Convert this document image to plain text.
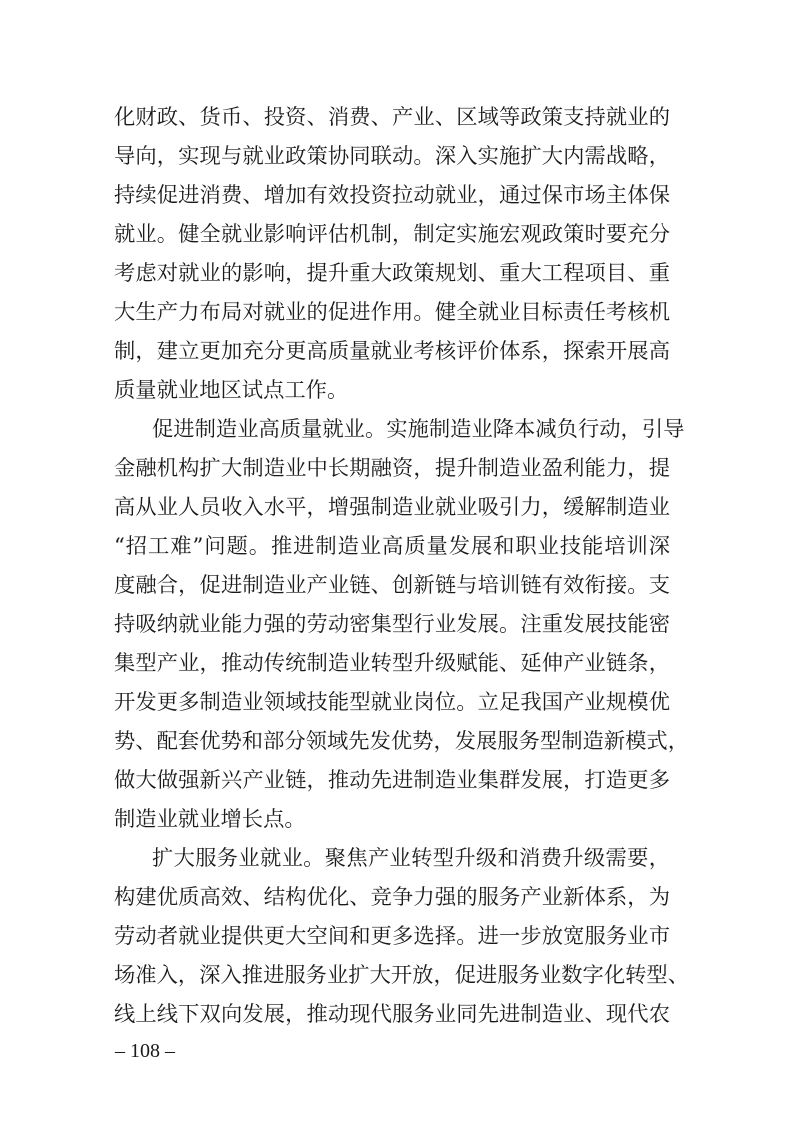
化财政、货币、投资、消费、产业、区域等政策支持就业的
导向，实现与就业政策协同联动。深入实施扩大内需战略，
持续促进消费、增加有效投资拉动就业，通过保市场主体保
就业。健全就业影响评估机制，制定实施宏观政策时要充分
考虑对就业的影响，提升重大政策规划、重大工程项目、重
大生产力布局对就业的促进作用。健全就业目标责任考核机
制，建立更加充分更高质量就业考核评价体系，探索开展高
质量就业地区试点工作。
促进制造业高质量就业。实施制造业降本减负行动，引导
金融机构扩大制造业中长期融资，提升制造业盈利能力，提
高从业人员收入水平，增强制造业就业吸引力，缓解制造业
“招工难”问题。推进制造业高质量发展和职业技能培训深
度融合，促进制造业产业链、创新链与培训链有效衔接。支
持吸纳就业能力强的劳动密集型行业发展。注重发展技能密
集型产业，推动传统制造业转型升级赋能、延伸产业链条，
开发更多制造业领域技能型就业岗位。立足我国产业规模优
势、配套优势和部分领域先发优势，发展服务型制造新模式，
做大做强新兴产业链，推动先进制造业集群发展，打造更多
制造业就业增长点。
扩大服务业就业。聚焦产业转型升级和消费升级需要，
构建优质高效、结构优化、竞争力强的服务产业新体系，为
劳动者就业提供更大空间和更多选择。进一步放宽服务业市
场准入，深入推进服务业扩大开放，促进服务业数字化转型、
线上线下双向发展，推动现代服务业同先进制造业、现代农
– 108 –
